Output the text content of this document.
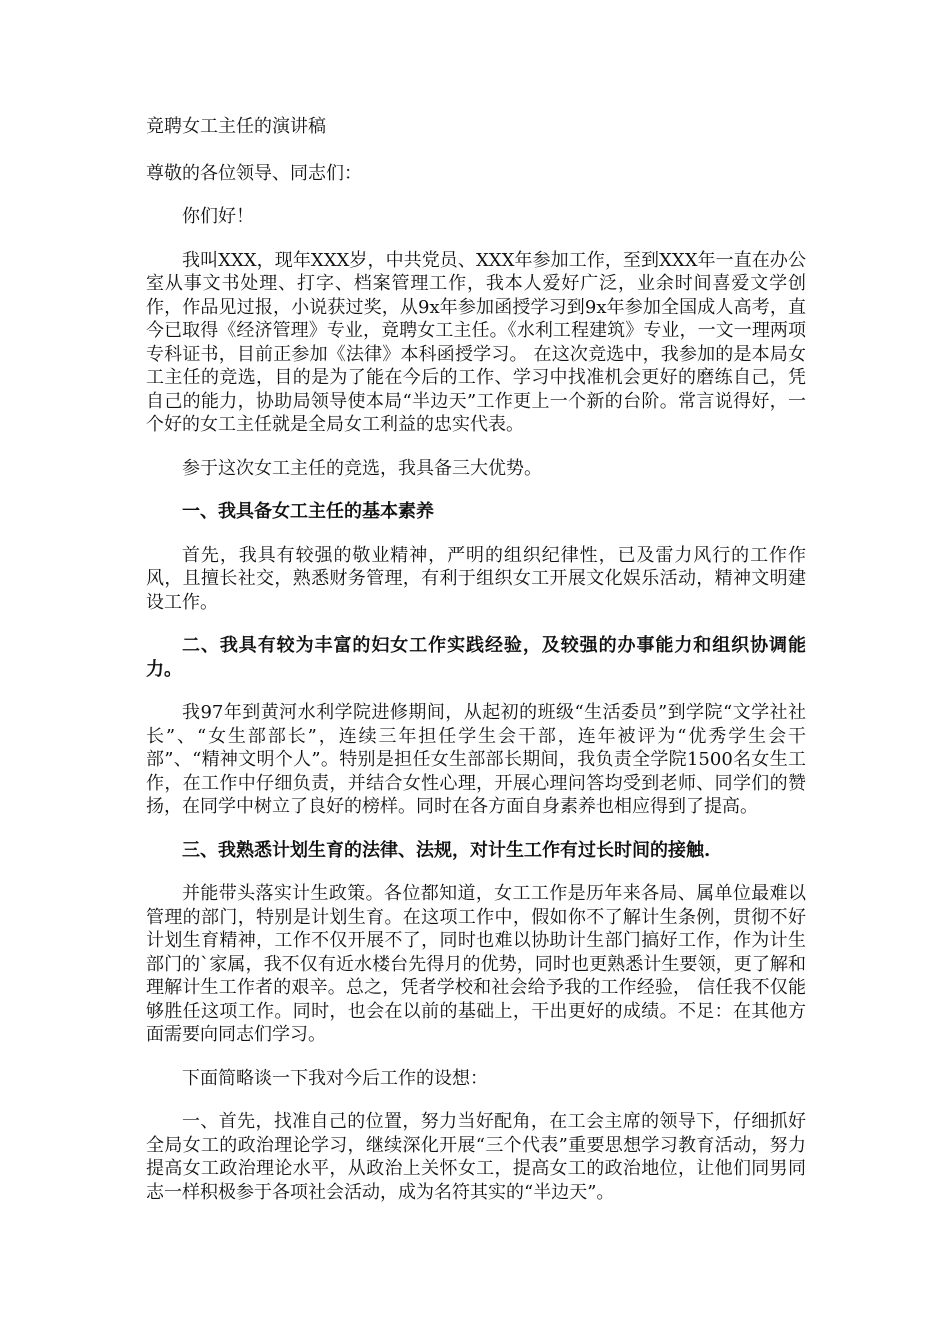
竟聘女工主任的演讲稿

尊敬的各位领导、同志们：

你们好！

我叫XXX，现年XXX岁，中共党员、XXX年参加工作，至到XXX年一直在办公室从事文书处理、打字、档案管理工作，我本人爱好广泛，业余时间喜爱文学创作，作品见过报，小说获过奖，从9x年参加函授学习到9x年参加全国成人高考，直今已取得《经济管理》专业，竟聘女工主任。《水利工程建筑》专业，一文一理两项专科证书，目前正参加《法律》本科函授学习。 在这次竞选中，我参加的是本局女工主任的竞选，目的是为了能在今后的工作、学习中找准机会更好的磨练自己，凭自己的能力，协助局领导使本局“半边天”工作更上一个新的台阶。常言说得好，一个好的女工主任就是全局女工利益的忠实代表。

参于这次女工主任的竞选，我具备三大优势。

一、我具备女工主任的基本素养

首先，我具有较强的敬业精神，严明的组织纪律性，已及雷力风行的工作作风，且擅长社交，熟悉财务管理，有利于组织女工开展文化娱乐活动，精神文明建设工作。

二、我具有较为丰富的妇女工作实践经验，及较强的办事能力和组织协调能力。

我97年到黄河水利学院进修期间，从起初的班级“生活委员”到学院“文学社社长”、“女生部部长”，连续三年担任学生会干部，连年被评为“优秀学生会干部”、“精神文明个人”。特别是担任女生部部长期间，我负责全学院1500名女生工作，在工作中仔细负责，并结合女性心理，开展心理问答均受到老师、同学们的赞扬，在同学中树立了良好的榜样。同时在各方面自身素养也相应得到了提高。

三、我熟悉计划生育的法律、法规，对计生工作有过长时间的接触.

并能带头落实计生政策。各位都知道，女工工作是历年来各局、属单位最难以管理的部门，特别是计划生育。在这项工作中，假如你不了解计生条例，贯彻不好计划生育精神，工作不仅开展不了，同时也难以协助计生部门搞好工作，作为计生部门的`家属，我不仅有近水楼台先得月的优势，同时也更熟悉计生要领，更了解和理解计生工作者的艰辛。总之，凭者学校和社会给予我的工作经验， 信任我不仅能够胜任这项工作。同时，也会在以前的基础上，干出更好的成绩。不足：在其他方面需要向同志们学习。

下面简略谈一下我对今后工作的设想：

一、首先，找准自己的位置，努力当好配角，在工会主席的领导下，仔细抓好全局女工的政治理论学习，继续深化开展“三个代表”重要思想学习教育活动，努力提高女工政治理论水平，从政治上关怀女工，提高女工的政治地位，让他们同男同志一样积极参于各项社会活动，成为名符其实的“半边天”。
